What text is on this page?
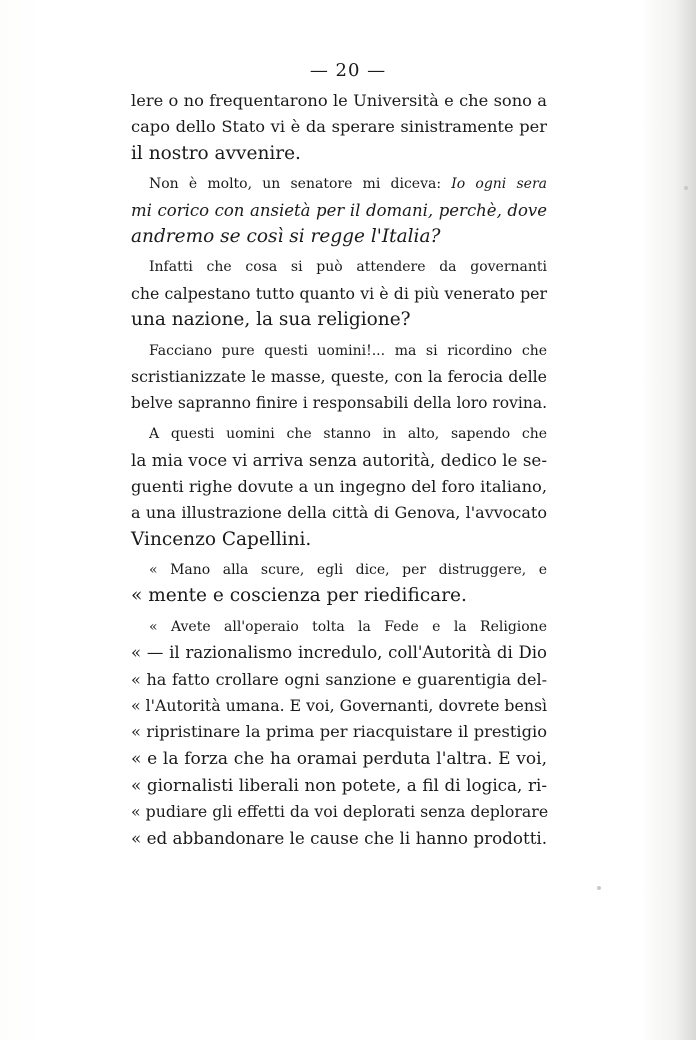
— 20 —
lere o no frequentarono le Università e che sono a
capo dello Stato vi è da sperare sinistramente per
il nostro avvenire.
Non è molto, un senatore mi diceva: Io ogni sera
mi corico con ansietà per il domani, perchè, dove
andremo se così si regge l'Italia?
Infatti che cosa si può attendere da governanti
che calpestano tutto quanto vi è di più venerato per
una nazione, la sua religione?
Facciano pure questi uomini!... ma si ricordino che
scristianizzate le masse, queste, con la ferocia delle
belve sapranno finire i responsabili della loro rovina.
A questi uomini che stanno in alto, sapendo che
la mia voce vi arriva senza autorità, dedico le se-
guenti righe dovute a un ingegno del foro italiano,
a una illustrazione della città di Genova, l'avvocato
Vincenzo Capellini.
« Mano alla scure, egli dice, per distruggere, e
« mente e coscienza per riedificare.
« Avete all'operaio tolta la Fede e la Religione
« — il razionalismo incredulo, coll'Autorità di Dio
« ha fatto crollare ogni sanzione e guarentigia del-
« l'Autorità umana. E voi, Governanti, dovrete bensì
« ripristinare la prima per riacquistare il prestigio
« e la forza che ha oramai perduta l'altra. E voi,
« giornalisti liberali non potete, a fil di logica, ri-
« pudiare gli effetti da voi deplorati senza deplorare
« ed abbandonare le cause che li hanno prodotti.
